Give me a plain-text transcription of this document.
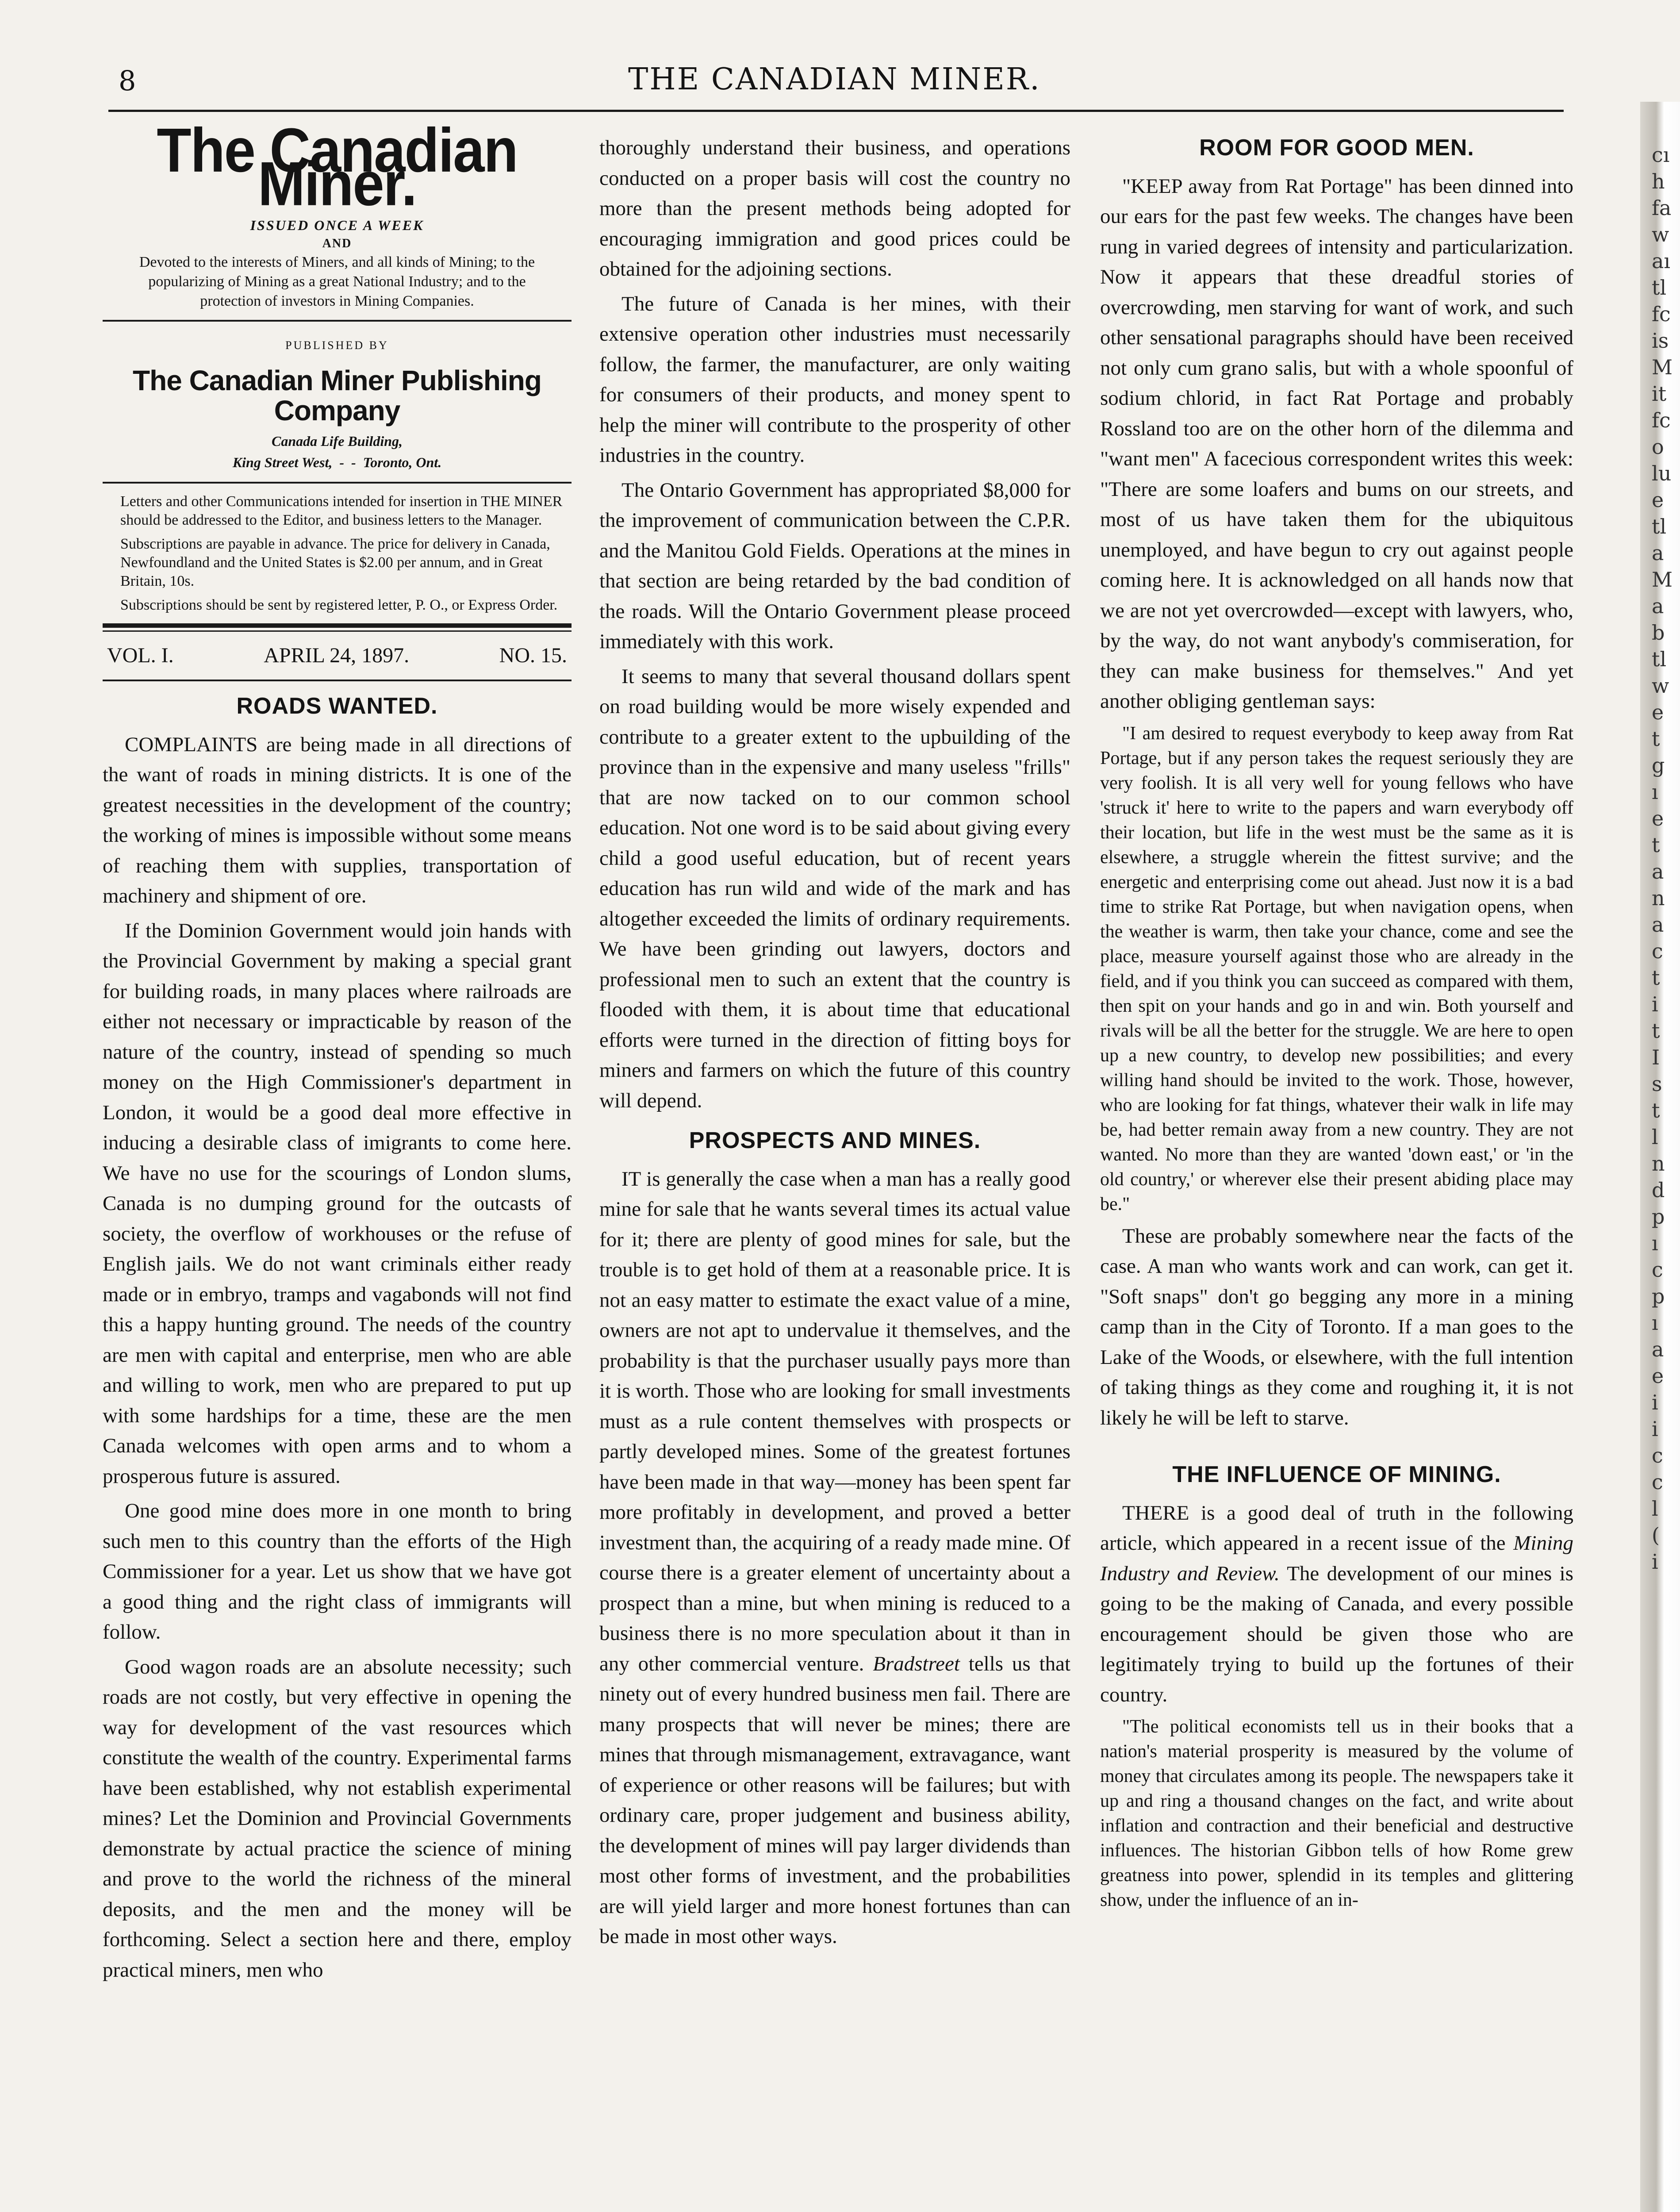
8	THE CANADIAN MINER.
The Canadian Miner.
ISSUED ONCE A WEEK
AND
Devoted to the interests of Miners, and all kinds of Mining; to the popularizing of Mining as a great National Industry; and to the protection of investors in Mining Companies.
PUBLISHED BY
The Canadian Miner Publishing Company
Canada Life Building,
King Street West,  -  -  Toronto, Ont.

Letters and other Communications intended for insertion in THE MINER should be addressed to the Editor, and business letters to the Manager.

Subscriptions are payable in advance. The price for delivery in Canada, Newfoundland and the United States is $2.00 per annum, and in Great Britain, 10s.

Subscriptions should be sent by registered letter, P. O., or Express Order.

VOL. I.	APRIL 24, 1897.	NO. 15.
ROADS WANTED.

COMPLAINTS are being made in all directions of the want of roads in mining districts. It is one of the greatest necessities in the development of the country; the working of mines is impossible without some means of reaching them with supplies, transportation of machinery and shipment of ore.

If the Dominion Government would join hands with the Provincial Government by making a special grant for building roads, in many places where railroads are either not necessary or impracticable by reason of the nature of the country, instead of spending so much money on the High Commissioner's department in London, it would be a good deal more effective in inducing a desirable class of imigrants to come here. We have no use for the scourings of London slums, Canada is no dumping ground for the outcasts of society, the overflow of workhouses or the refuse of English jails. We do not want criminals either ready made or in embryo, tramps and vagabonds will not find this a happy hunting ground. The needs of the country are men with capital and enterprise, men who are able and willing to work, men who are prepared to put up with some hardships for a time, these are the men Canada welcomes with open arms and to whom a prosperous future is assured.

One good mine does more in one month to bring such men to this country than the efforts of the High Commissioner for a year. Let us show that we have got a good thing and the right class of immigrants will follow.

Good wagon roads are an absolute necessity; such roads are not costly, but very effective in opening the way for development of the vast resources which constitute the wealth of the country. Experimental farms have been established, why not establish experimental mines? Let the Dominion and Provincial Governments demonstrate by actual practice the science of mining and prove to the world the richness of the mineral deposits, and the men and the money will be forthcoming. Select a section here and there, employ practical miners, men who

thoroughly understand their business, and operations conducted on a proper basis will cost the country no more than the present methods being adopted for encouraging immigration and good prices could be obtained for the adjoining sections.

The future of Canada is her mines, with their extensive operation other industries must necessarily follow, the farmer, the manufacturer, are only waiting for consumers of their products, and money spent to help the miner will contribute to the prosperity of other industries in the country.

The Ontario Government has appropriated $8,000 for the improvement of communication between the C.P.R. and the Manitou Gold Fields. Operations at the mines in that section are being retarded by the bad condition of the roads. Will the Ontario Government please proceed immediately with this work.

It seems to many that several thousand dollars spent on road building would be more wisely expended and contribute to a greater extent to the upbuilding of the province than in the expensive and many useless "frills" that are now tacked on to our common school education. Not one word is to be said about giving every child a good useful education, but of recent years education has run wild and wide of the mark and has altogether exceeded the limits of ordinary requirements. We have been grinding out lawyers, doctors and professional men to such an extent that the country is flooded with them, it is about time that educational efforts were turned in the direction of fitting boys for miners and farmers on which the future of this country will depend.

PROSPECTS AND MINES.

IT is generally the case when a man has a really good mine for sale that he wants several times its actual value for it; there are plenty of good mines for sale, but the trouble is to get hold of them at a reasonable price. It is not an easy matter to estimate the exact value of a mine, owners are not apt to undervalue it themselves, and the probability is that the purchaser usually pays more than it is worth. Those who are looking for small investments must as a rule content themselves with prospects or partly developed mines. Some of the greatest fortunes have been made in that way—money has been spent far more profitably in development, and proved a better investment than, the acquiring of a ready made mine. Of course there is a greater element of uncertainty about a prospect than a mine, but when mining is reduced to a business there is no more speculation about it than in any other commercial venture. Bradstreet tells us that ninety out of every hundred business men fail. There are many prospects that will never be mines; there are mines that through mismanagement, extravagance, want of experience or other reasons will be failures; but with ordinary care, proper judgement and business ability, the development of mines will pay larger dividends than most other forms of investment, and the probabilities are will yield larger and more honest fortunes than can be made in most other ways.

ROOM FOR GOOD MEN.

"KEEP away from Rat Portage" has been dinned into our ears for the past few weeks. The changes have been rung in varied degrees of intensity and particularization. Now it appears that these dreadful stories of overcrowding, men starving for want of work, and such other sensational paragraphs should have been received not only cum grano salis, but with a whole spoonful of sodium chlorid, in fact Rat Portage and probably Rossland too are on the other horn of the dilemma and "want men" A facecious correspondent writes this week: "There are some loafers and bums on our streets, and most of us have taken them for the ubiquitous unemployed, and have begun to cry out against people coming here. It is acknowledged on all hands now that we are not yet overcrowded—except with lawyers, who, by the way, do not want anybody's commiseration, for they can make business for themselves." And yet another obliging gentleman says:

"I am desired to request everybody to keep away from Rat Portage, but if any person takes the request seriously they are very foolish. It is all very well for young fellows who have 'struck it' here to write to the papers and warn everybody off their location, but life in the west must be the same as it is elsewhere, a struggle wherein the fittest survive; and the energetic and enterprising come out ahead. Just now it is a bad time to strike Rat Portage, but when navigation opens, when the weather is warm, then take your chance, come and see the place, measure yourself against those who are already in the field, and if you think you can succeed as compared with them, then spit on your hands and go in and win. Both yourself and rivals will be all the better for the struggle. We are here to open up a new country, to develop new possibilities; and every willing hand should be invited to the work. Those, however, who are looking for fat things, whatever their walk in life may be, had better remain away from a new country. They are not wanted. No more than they are wanted 'down east,' or 'in the old country,' or wherever else their present abiding place may be."

These are probably somewhere near the facts of the case. A man who wants work and can work, can get it. "Soft snaps" don't go begging any more in a mining camp than in the City of Toronto. If a man goes to the Lake of the Woods, or elsewhere, with the full intention of taking things as they come and roughing it, it is not likely he will be left to starve.

THE INFLUENCE OF MINING.

THERE is a good deal of truth in the following article, which appeared in a recent issue of the Mining Industry and Review. The development of our mines is going to be the making of Canada, and every possible encouragement should be given those who are legitimately trying to build up the fortunes of their country.

"The political economists tell us in their books that a nation's material prosperity is measured by the volume of money that circulates among its people. The newspapers take it up and ring a thousand changes on the fact, and write about inflation and contraction and their beneficial and destructive influences. The historian Gibbon tells of how Rome grew greatness into power, splendid in its temples and glittering show, under the influence of an in-

cı
h
fa
w
aı
tl
fc
is
M
it
fc
o
lu
e
tl
a
M
a
b
tl
w
e
t
g
ı
e
t
a
n
a
c
t
i
t
I
s
t
l
n
d
p
ı
c
p
ı
a
e
i
i
c
c
l
(
i
